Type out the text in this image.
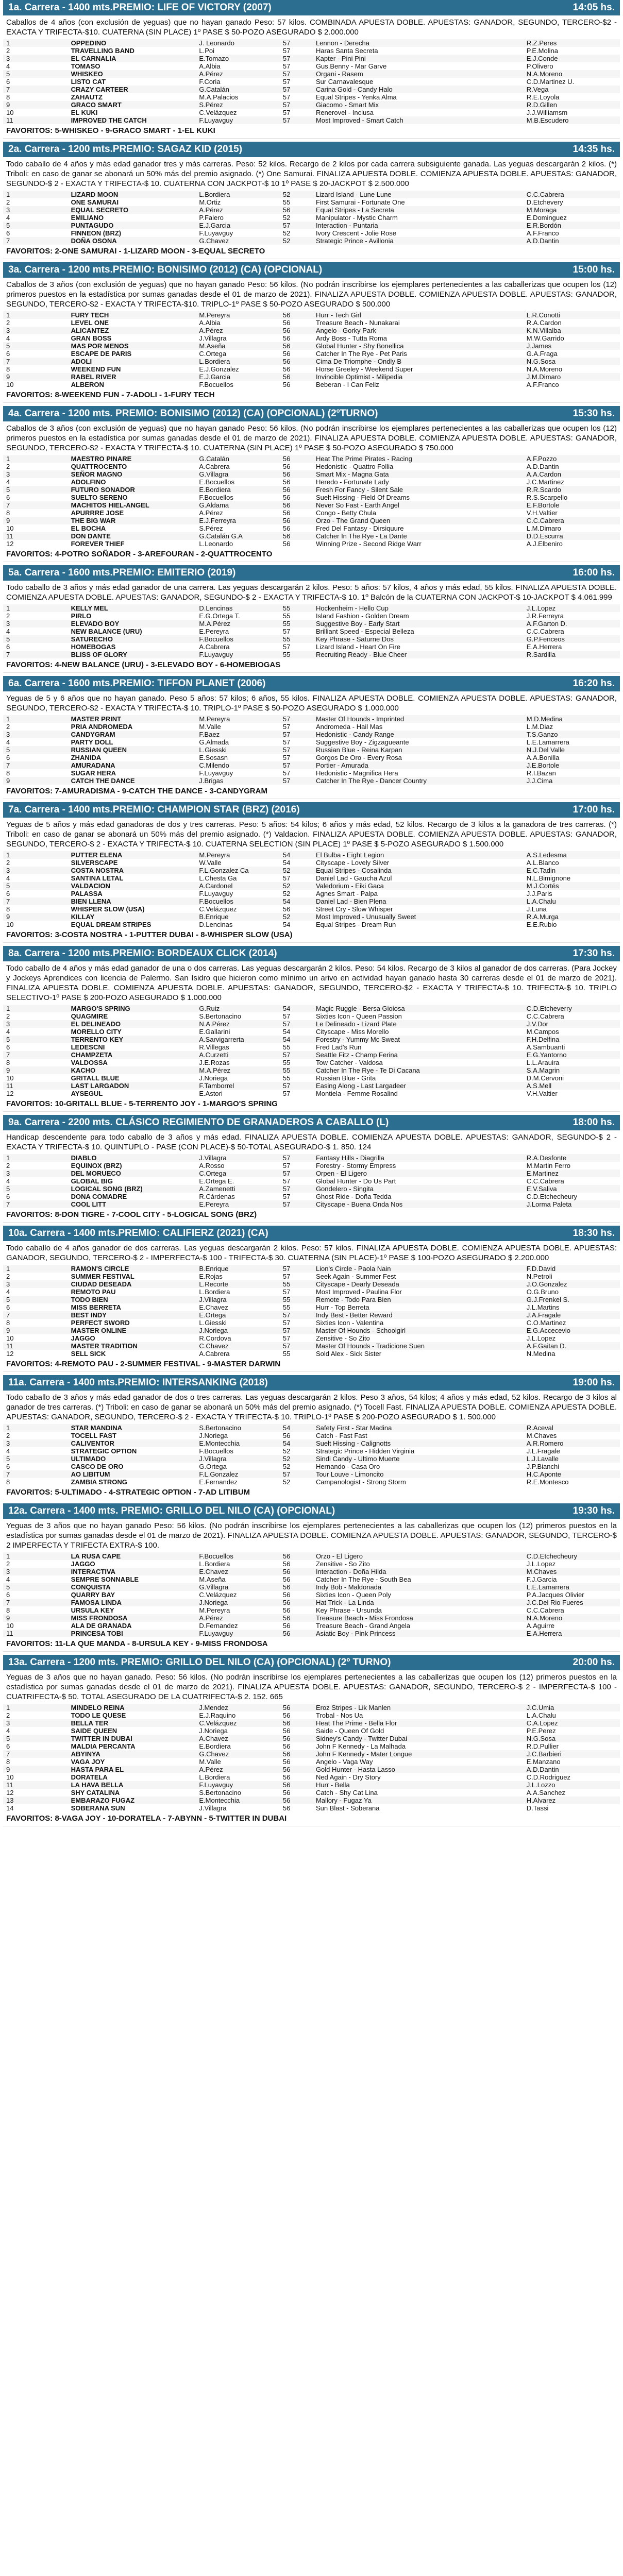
1a. Carrera - 1400 mts.PREMIO: LIFE OF VICTORY (2007)	14:05 hs.
Caballos de 4 años (con exclusión de yeguas) que no hayan ganado Peso: 57 kilos. COMBINADA APUESTA DOBLE. APUESTAS: GANADOR, SEGUNDO, TERCERO-$2 - EXACTA Y TRIFECTA-$10. CUATERNA (SIN PLACE) 1º PASE $ 50-POZO ASEGURADO $ 2.000.000
1	OPPEDINO	J. Leonardo	57	Lennon - Derecha	R.Z.Peres
2	TRAVELLING BAND	L.Poi	57	Haras Santa Secreta	P.E.Molina
3	EL CARNALIA	E.Tomazo	57	Kapter - Pini Pini	E.J.Conde
4	TOMASO	A.Albia	57	Gus.Benny - Mar Garve	P.Olivero
5	WHISKEO	A.Pérez	57	Organi - Rasem	N.A.Moreno
6	LISTO CAT	F.Coria	57	Sur Carnavalesque	C.D.Martinez U.
7	CRAZY CARTEER	G.Catalán	57	Carina Gold - Candy Halo	R.Vega
8	ZAHAUTZ	M.A.Palacios	57	Equal Stripes - Yenka Alma	R.E.Loyola
9	GRACO SMART	S.Pérez	57	Giacomo - Smart Mix	R.D.Gillen
10	EL KUKI	C.Velázquez	57	Renerovel - Inclusa	J.J.Williamsm
11	IMPROVED THE CATCH	F.Luyavguy	57	Most Improved - Smart Catch	M.B.Escudero
FAVORITOS: 5-WHISKEO - 9-GRACO SMART - 1-EL KUKI
2a. Carrera - 1200 mts.PREMIO: SAGAZ KID (2015)	14:35 hs.
Todo caballo de 4 años y más edad ganador tres y más carreras. Peso: 52 kilos. Recargo de 2 kilos por cada carrera subsiguiente ganada. Las yeguas descargarán 2 kilos. (*) Triboli: en caso de ganar se abonará un 50% más del premio asignado. (*) One Samurai. FINALIZA APUESTA DOBLE. COMIENZA APUESTA DOBLE. APUESTAS: GANADOR, SEGUNDO-$ 2 - EXACTA Y TRIFECTA-$ 10. CUATERNA CON JACKPOT-$ 10 1º PASE $ 20-JACKPOT $ 2.500.000
1	LIZARD MOON	L.Bordiera	52	Lizard Island - Lune Lune	C.C.Cabrera
2	ONE SAMURAI	M.Ortiz	55	First Samurai - Fortunate One	D.Etchevery
3	EQUAL SECRETO	A.Pérez	56	Equal Stripes - La Secreta	M.Moraga
4	EMILIANO	P.Falero	52	Manipulator - Mystic Charm	E.Dominguez
5	PUNTAGUDO	E.J.Garcia	57	Interaction - Puntaria	E.R.Bordón
6	FINNEON (BRZ)	F.Luyavguy	52	Ivory Crescent - Jolie Rose	A.F.Franco
7	DOÑA OSONA	G.Chavez	52	Strategic Prince - Avillonia	A.D.Dantin
FAVORITOS: 2-ONE SAMURAI - 1-LIZARD MOON - 3-EQUAL SECRETO
3a. Carrera - 1200 mts.PREMIO: BONISIMO (2012) (CA) (OPCIONAL)	15:00 hs.
Caballos de 3 años (con exclusión de yeguas) que no hayan ganado Peso: 56 kilos. (No podrán inscribirse los ejemplares pertenecientes a las caballerizas que ocupen los (12) primeros puestos en la estadística por sumas ganadas desde el 01 de marzo de 2021). FINALIZA APUESTA DOBLE. COMIENZA APUESTA DOBLE. APUESTAS: GANADOR, SEGUNDO, TERCERO-$2 - EXACTA Y TRIFECTA-$10. TRIPLO-1º PASE $ 50-POZO ASEGURADO $ 500.000
1	FURY TECH	M.Pereyra	56	Hurr - Tech Girl	L.R.Conotti
2	LEVEL ONE	A.Albia	56	Treasure Beach - Nunakarai	R.A.Cardon
3	ALICANTEZ	A.Pérez	56	Angelo - Gorky Park	K.N.Villalba
4	GRAN BOSS	J.Villagra	56	Ardy Boss - Tutta Roma	M.W.Garrido
5	MAS POR MENOS	M.Aseña	56	Global Hunter - Shy Bonellica	J.James
6	ESCAPE DE PARIS	C.Ortega	56	Catcher In The Rye - Pet Paris	G.A.Fraga
7	ADOLI	L.Bordiera	56	Cima De Triomphe - Ondly B	N.G.Sosa
8	WEEKEND FUN	E.J.Gonzalez	56	Horse Greeley - Weekend Super	N.A.Moreno
9	RABEL RIVER	E.J.Garcia	56	Invincible Optimist - Milipedia	J.M.Dimaro
10	ALBERON	F.Bocuellos	56	Beberan - I Can Feliz	A.F.Franco
FAVORITOS: 8-WEEKEND FUN - 7-ADOLI - 1-FURY TECH
4a. Carrera - 1200 mts. PREMIO: BONISIMO (2012) (CA) (OPCIONAL) (2ºTURNO)	15:30 hs.
Caballos de 3 años (con exclusión de yeguas) que no hayan ganado Peso: 56 kilos. (No podrán inscribirse los ejemplares pertenecientes a las caballerizas que ocupen los (12) primeros puestos en la estadística por sumas ganadas desde el 01 de marzo de 2021). FINALIZA APUESTA DOBLE. COMIENZA APUESTA DOBLE. APUESTAS: GANADOR, SEGUNDO, TERCERO-$2 - EXACTA Y TRIFECTA-$ 10. CUATERNA (SIN PLACE) 1º PASE $ 50-POZO ASEGURADO $ 750.000
1	MAESTRO PINARE	G.Catalán	56	Heat The Prime Pirates - Racing	A.F.Pozzo
2	QUATTROCENTO	A.Cabrera	56	Hedonistic - Quattro Follia	A.D.Dantin
3	SEÑOR MAGNO	G.Villagra	56	Smart Mix - Magna Gata	A.A.Cardon
4	ADOLFINO	E.Bocuellos	56	Heredo - Fortunate Lady	J.C.Martinez
5	FUTURO SONADOR	E.Bordiera	56	Fresh For Fancy - Silent Sale	R.R.Scardo
6	SUELTO SERENO	F.Bocuellos	56	Suelt Hissing - Field Of Dreams	R.S.Scarpello
7	MACHITOS HIEL-ANGEL	G.Aldama	56	Never So Fast - Earth Angel	E.F.Bortole
8	APURRRE JOSE	A.Pérez	56	Congo - Betty Chula	V.H.Valtier
9	THE BIG WAR	E.J.Ferreyra	56	Orzo - The Grand Queen	C.C.Cabrera
10	EL BOCHA	S.Pérez	56	Fred Del Fantasy - Dirsiquure	L.M.Dimaro
11	DON DANTE	G.Catalán G.A	56	Catcher In The Rye - La Dante	D.D.Escurra
12	FOREVER THIEF	L.Leonardo	56	Winning Prize - Second Ridge Warr	A.J.Elbeniro
FAVORITOS: 4-POTRO SOÑADOR - 3-AREFOURAN - 2-QUATTROCENTO
5a. Carrera - 1600 mts.PREMIO: EMITERIO (2019)	16:00 hs.
Todo caballo de 3 años y más edad ganador de una carrera. Las yeguas descargarán 2 kilos. Peso: 5 años: 57 kilos, 4 años y más edad, 55 kilos. FINALIZA APUESTA DOBLE. COMIENZA APUESTA DOBLE. APUESTAS: GANADOR, SEGUNDO-$ 2 - EXACTA Y TRIFECTA-$ 10. 1º Balcón de la CUATERNA CON JACKPOT-$ 10-JACKPOT $ 4.061.999
1	KELLY MEL	D.Lencinas	55	Hockenheim - Hello Cup	J.L.Lopez
2	PIRLO	E.G.Ortega T.	55	Island Fashion - Golden Dream	J.R.Ferreyra
3	ELEVADO BOY	M.A.Pérez	55	Suggestive Boy - Early Start	A.F.Garton D.
4	NEW BALANCE (URU)	E.Pereyra	57	Brilliant Speed - Especial Belleza	C.C.Cabrera
5	SATURECHO	F.Bocuellos	55	Key Phrase - Saturne Dos	G.P.Fenceos
6	HOMEBOGAS	A.Cabrera	57	Lizard Island - Heart On Fire	E.A.Herrera
7	BLISS OF GLORY	F.Luyavguy	55	Recruiting Ready - Blue Cheer	R.Sardilla
FAVORITOS: 4-NEW BALANCE (URU) - 3-ELEVADO BOY - 6-HOMEBIOGAS
6a. Carrera - 1600 mts.PREMIO: TIFFON PLANET (2006)	16:20 hs.
Yeguas de 5 y 6 años que no hayan ganado. Peso 5 años: 57 kilos; 6 años, 55 kilos. FINALIZA APUESTA DOBLE. COMIENZA APUESTA DOBLE. APUESTAS: GANADOR, SEGUNDO, TERCERO-$2 - EXACTA Y TRIFECTA-$ 10. TRIPLO-1º PASE $ 50-POZO ASEGURADO $ 1.000.000
1	MASTER PRINT	M.Pereyra	57	Master Of Hounds - Imprinted	M.D.Medina
2	PRIA ANDROMEDA	M.Valle	57	Andromeda - Hail Mas	L.M.Diaz
3	CANDYGRAM	F.Baez	57	Hedonistic - Candy Range	T.S.Ganzo
4	PARTY DOLL	G.Almada	57	Suggestive Boy - Zigzagueante	L.E.Lamarrera
5	RUSSIAN QUEEN	L.Giesski	57	Russian Blue - Reina Karpan	N.J.Del Valle
6	ZHANIDA	E.Sosasn	57	Gorgos De Oro - Every Rosa	A.A.Bonilla
7	AMURADANA	C.Milendo	57	Portier - Amurada	J.E.Bortole
8	SUGAR HERA	F.Luyavguy	57	Hedonistic - Magnifica Hera	R.I.Bazan
9	CATCH THE DANCE	J.Brigas	57	Catcher In The Rye - Dancer Country	J.J.Cima
FAVORITOS: 7-AMURADISMA - 9-CATCH THE DANCE - 3-CANDYGRAM
7a. Carrera - 1400 mts.PREMIO: CHAMPION STAR (BRZ) (2016)	17:00 hs.
Yeguas de 5 años y más edad ganadoras de dos y tres carreras. Peso: 5 años: 54 kilos; 6 años y más edad, 52 kilos. Recargo de 3 kilos a la ganadora de tres carreras. (*) Triboli: en caso de ganar se abonará un 50% más del premio asignado. (*) Valdacion. FINALIZA APUESTA DOBLE. COMIENZA APUESTA DOBLE. APUESTAS: GANADOR, SEGUNDO, TERCERO-$ 2 - EXACTA Y TRIFECTA-$ 10. CUATERNA SELECTION (SIN PLACE) 1º PASE $ 5-POZO ASEGURADO $ 1.500.000
1	PUTTER ELENA	M.Pereyra	54	El Bulba - Eight Legion	A.S.Ledesma
2	SILVERSCAPE	W.Valle	54	Cityscape - Lovely Silver	A.L.Blanco
3	COSTA NOSTRA	F.L.Gonzalez Ca	52	Equal Stripes - Cosalinda	E.C.Tadin
4	SANTINA LETAL	L.Chesta Ga	57	Daniel Lad - Gaucha Azul	N.L.Bimignone
5	VALDACION	A.Cardonel	52	Valedorium - Eiki Gaca	M.J.Cortés
6	PALASSA	F.Luyavguy	52	Agnes Smart - Palpa	J.J.Paris
7	BIEN LLENA	F.Bocuellos	54	Daniel Lad - Bien Plena	L.A.Chalu
8	WHISPER SLOW (USA)	C.Velázquez	56	Street Cry - Slow Whisper	J.Luna
9	KILLAY	B.Enrique	52	Most Improved - Unusually Sweet	R.A.Murga
10	EQUAL DREAM STRIPES	D.Lencinas	54	Equal Stripes - Dream Run	E.E.Rubio
FAVORITOS: 3-COSTA NOSTRA - 1-PUTTER DUBAI - 8-WHISPER SLOW (USA)
8a. Carrera - 1200 mts.PREMIO: BORDEAUX CLICK (2014)	17:30 hs.
Todo caballo de 4 años y más edad ganador de una o dos carreras. Las yeguas descargarán 2 kilos. Peso: 54 kilos. Recargo de 3 kilos al ganador de dos carreras. (Para Jockey y Jockeys Aprendices con licencia de Palermo. San Isidro que hicieron como mínimo un arivo en actividad hayan ganado hasta 30 carreras desde el 01 de marzo de 2021). FINALIZA APUESTA DOBLE. COMIENZA APUESTA DOBLE. APUESTAS: GANADOR, SEGUNDO, TERCERO-$2 - EXACTA Y TRIFECTA-$ 10. TRIFECTA-$ 10. TRIPLO SELECTIVO-1º PASE $ 200-POZO ASEGURADO $ 1.000.000
1	MARGO'S SPRING	G.Ruiz	54	Magic Ruggle - Bersa Gioiosa	C.D.Etcheverry
2	QUAGMIRE	S.Bertonacino	57	Sixties Icon - Queen Passion	C.C.Cabrera
3	EL DELINEADO	N.A.Pérez	57	Le Delineado - Lizard Plate	J.V.Dor
4	MORELLO CITY	E.Gallarini	54	Cityscape - Miss Morello	M.Campos
5	TERRENTO KEY	A.Sarvigarrerta	54	Forestry - Yummy Mc Sweat	F.H.Delfina
6	LEDESCNI	R.Villegas	55	Fred Lad's Run	A.Sambuanti
7	CHAMPZETA	A.Curzetti	57	Seattle Fitz - Champ Ferina	E.G.Yantorno
8	VALDOSSA	J.E.Rozas	55	Tow Catcher - Valdosa	L.L.Arauira
9	KACHO	M.A.Pérez	55	Catcher In The Rye - Te Di Cacana	S.A.Magrin
10	GRITALL BLUE	J.Noriega	55	Russian Blue - Grita	D.M.Cervoni
11	LAST LARGADON	F.Tamborrel	57	Easing Along - Last Largadeer	A.S.Mell
12	AYSEGUL	E.Astori	57	Montiela - Femme Rosalind	V.H.Valtier
FAVORITOS: 10-GRITALL BLUE - 5-TERRENTO JOY - 1-MARGO'S SPRING
9a. Carrera - 2200 mts. CLÁSICO REGIMIENTO DE GRANADEROS A CABALLO (L)	18:00 hs.
Handicap descendente para todo caballo de 3 años y más edad. FINALIZA APUESTA DOBLE. COMIENZA APUESTA DOBLE. APUESTAS: GANADOR, SEGUNDO-$ 2 - EXACTA Y TRIFECTA-$ 10. QUINTUPLO - PASE (CON PLACE)-$ 50-TOTAL ASEGURADO-$ 1. 850. 124
1	DIABLO	J.Villagra	57	Fantasy Hills - Diagrilla	R.A.Desfonte
2	EQUINOX (BRZ)	A.Rosso	57	Forestry - Stormy Empress	M.Martin Ferro
3	DEL MORUECO	C.Ortega	57	Orpen - El Ligero	E.Martinez
4	GLOBAL BIG	E.Ortega E.	57	Global Hunter - Do Us Part	C.C.Cabrera
5	LOGICAL SONG (BRZ)	A.Zamenetti	57	Gondelero - Singita	E.V.Saliva
6	DONA COMADRE	R.Cárdenas	57	Ghost Ride - Doña Tedda	C.D.Etchecheury
7	COOL LITT	E.Pereyra	57	Cityscape - Buena Onda Nos	J.Lorma Paleta
FAVORITOS: 8-DON TIGRE - 7-COOL CITY - 5-LOGICAL SONG (BRZ)
10a. Carrera - 1400 mts.PREMIO: CALIFIERZ (2021) (CA)	18:30 hs.
Todo caballo de 4 años ganador de dos carreras. Las yeguas descargarán 2 kilos. Peso: 57 kilos. FINALIZA APUESTA DOBLE. COMIENZA APUESTA DOBLE. APUESTAS: GANADOR, SEGUNDO, TERCERO-$ 2 - IMPERFECTA-$ 100 - TRIFECTA-$ 30. CUATERNA (SIN PLACE)-1º PASE $ 100-POZO ASEGURADO $ 2.200.000
1	RAMON'S CIRCLE	B.Enrique	57	Lion's Circle - Paola Nain	F.D.David
2	SUMMER FESTIVAL	E.Rojas	57	Seek Again - Summer Fest	N.Petroli
3	CIUDAD DESEADA	L.Recorte	55	Cityscape - Dearly Deseada	J.O.Gonzalez
4	REMOTO PAU	L.Bordiera	57	Most Improved - Paulina Flor	O.G.Bruno
5	TODO BIEN	J.Villagra	55	Remote - Todo Para Bien	G.J.Frenkel S.
6	MISS BERRETA	E.Chavez	55	Hurr - Top Berreta	J.L.Martins
7	BEST INDY	E.Ortega	57	Indy Best - Better Reward	J.A.Fragale
8	PERFECT SWORD	L.Giesski	57	Sixties Icon - Valentina	C.O.Martinez
9	MASTER ONLINE	J.Noriega	57	Master Of Hounds - Schoolgirl	E.G.Accecevio
10	JAGGO	R.Cordova	57	Zensitive - So Zito	J.L.Lopez
11	MASTER TRADITION	C.Chavez	57	Master Of Hounds - Tradicione Suen	A.F.Gaitan D.
12	SELL SICK	A.Cabrera	55	Sold Alex - Sick Sister	N.Medina
FAVORITOS: 4-REMOTO PAU - 2-SUMMER FESTIVAL - 9-MASTER DARWIN
11a. Carrera - 1400 mts.PREMIO: INTERSANKING (2018)	19:00 hs.
Todo caballo de 3 años y más edad ganador de dos o tres carreras. Las yeguas descargarán 2 kilos. Peso 3 años, 54 kilos; 4 años y más edad, 52 kilos. Recargo de 3 kilos al ganador de tres carreras. (*) Triboli: en caso de ganar se abonará un 50% más del premio asignado. (*) Tocell Fast. FINALIZA APUESTA DOBLE. COMIENZA APUESTA DOBLE. APUESTAS: GANADOR, SEGUNDO, TERCERO-$ 2 - EXACTA Y TRIFECTA-$ 10. TRIPLO-1º PASE $ 200-POZO ASEGURADO $ 1. 500.000
1	STAR MANDINA	S.Bertonacino	54	Safety First - Star Madina	R.Aceval
2	TOCELL FAST	J.Noriega	56	Catch - Fast Fast	M.Chaves
3	CALIVENTOR	E.Montecchia	54	Suelt Hissing - Calignotts	A.R.Romero
4	STRATEGIC OPTION	F.Bocuellos	52	Strategic Prince - Hidden Virginia	J.L.Fragale
5	ULTIMADO	J.Villagra	52	Sindi Candy - Ultimo Muerte	L.J.Lavalle
6	CASCO DE ORO	G.Ortega	52	Hernando - Casa Oro	J.P.Bianchi
7	AO LIBITUM	F.L.Gonzalez	57	Tour Louve - Limoncito	H.C.Aponte
8	ZAMBIA STRONG	E.Fernandez	52	Campanologist - Strong Storm	R.E.Montesco
FAVORITOS: 5-ULTIMADO - 4-STRATEGIC OPTION - 7-AD LITIBUM
12a. Carrera - 1400 mts. PREMIO: GRILLO DEL NILO (CA) (OPCIONAL)	19:30 hs.
Yeguas de 3 años que no hayan ganado Peso: 56 kilos. (No podrán inscribirse los ejemplares pertenecientes a las caballerizas que ocupen los (12) primeros puestos en la estadística por sumas ganadas desde el 01 de marzo de 2021). FINALIZA APUESTA DOBLE. COMIENZA APUESTA DOBLE. APUESTAS: GANADOR, SEGUNDO, TERCERO-$ 2 IMPERFECTA Y TRIFECTA EXTRA-$ 100.
1	LA RUSA CAPE	F.Bocuellos	56	Orzo - El Ligero	C.D.Etchecheury
2	JAGGO	L.Bordiera	56	Zensitive - So Zito	J.L.Lopez
3	INTERACTIVA	E.Chavez	56	Interaction - Doña Hilda	M.Chaves
4	SEMPRE SONNABLE	M.Aseña	56	Catcher In The Rye - South Bea	F.J.Garcia
5	CONQUISTA	G.Villagra	56	Indy Bob - Maldonada	L.E.Lamarrera
6	QUARRY BAY	C.Velázquez	56	Sixties Icon - Queen Poly	P.A.Jacques Olivier
7	FAMOSA LINDA	J.Noriega	56	Hat Trick - La Linda	J.C.Del Rio Fueres
8	URSULA KEY	M.Pereyra	56	Key Phrase - Ursunda	C.C.Cabrera
9	MISS FRONDOSA	A.Pérez	56	Treasure Beach - Miss Frondosa	N.A.Moreno
10	ALA DE GRANADA	D.Fernandez	56	Treasure Beach - Grand Angela	A.Aguirre
11	PRINCESA TOBI	F.Luyavguy	56	Asiatic Boy - Pink Princess	E.A.Herrera
FAVORITOS: 11-LA QUE MANDA - 8-URSULA KEY - 9-MISS FRONDOSA
13a. Carrera - 1200 mts. PREMIO: GRILLO DEL NILO (CA) (OPCIONAL) (2º TURNO)	20:00 hs.
Yeguas de 3 años que no hayan ganado. Peso: 56 kilos. (No podrán inscribirse los ejemplares pertenecientes a las caballerizas que ocupen los (12) primeros puestos en la estadística por sumas ganadas desde el 01 de marzo de 2021). FINALIZA APUESTA DOBLE. APUESTAS: GANADOR, SEGUNDO, TERCERO-$ 2 - IMPERFECTA-$ 100 - CUATRIFECTA-$ 50. TOTAL ASEGURADO DE LA CUATRIFECTA-$ 2. 152. 665
1	MINDELO REINA	J.Mendez	56	Eroz Stripes - Lik Manlen	J.C.Umia
2	TODO LE QUESE	E.J.Raquino	56	Trobal - Nos Ua	L.A.Chalu
3	BELLA TER	C.Velázquez	56	Heat The Prime - Bella Flor	C.A.Lopez
4	SAIDE QUEEN	J.Noriega	56	Saide - Queen Of Gold	P.E.Perez
5	TWITTER IN DUBAI	A.Chavez	56	Sidney's Candy - Twitter Dubai	N.G.Sosa
6	MALDIA PERCANTA	E.Bordiera	56	John F Kennedy - La Malhada	R.D.Pullier
7	ABYINYA	G.Chavez	56	John F Kennedy - Mater Longue	J.C.Barbieri
8	VAGA JOY	M.Valle	56	Angelo - Vaga Way	E.Manzano
9	HASTA PARA EL	A.Pérez	56	Gold Hunter - Hasta Lasso	A.D.Dantin
10	DORATELA	L.Bordiera	56	Ned Again - Dry Story	C.D.Rodriguez
11	LA HAVA BELLA	F.Luyavguy	56	Hurr - Bella	J.L.Lozzo
12	SHY CATALINA	S.Bertonacino	56	Catch - Shy Cat Lina	A.A.Sanchez
13	EMBARAZO FUGAZ	E.Montecchia	56	Mallory - Fugaz Ya	H.Alvarez
14	SOBERANA SUN	J.Villagra	56	Sun Blast - Soberana	D.Tassi
FAVORITOS: 8-VAGA JOY - 10-DORATELA - 7-ABYNN - 5-TWITTER IN DUBAI
